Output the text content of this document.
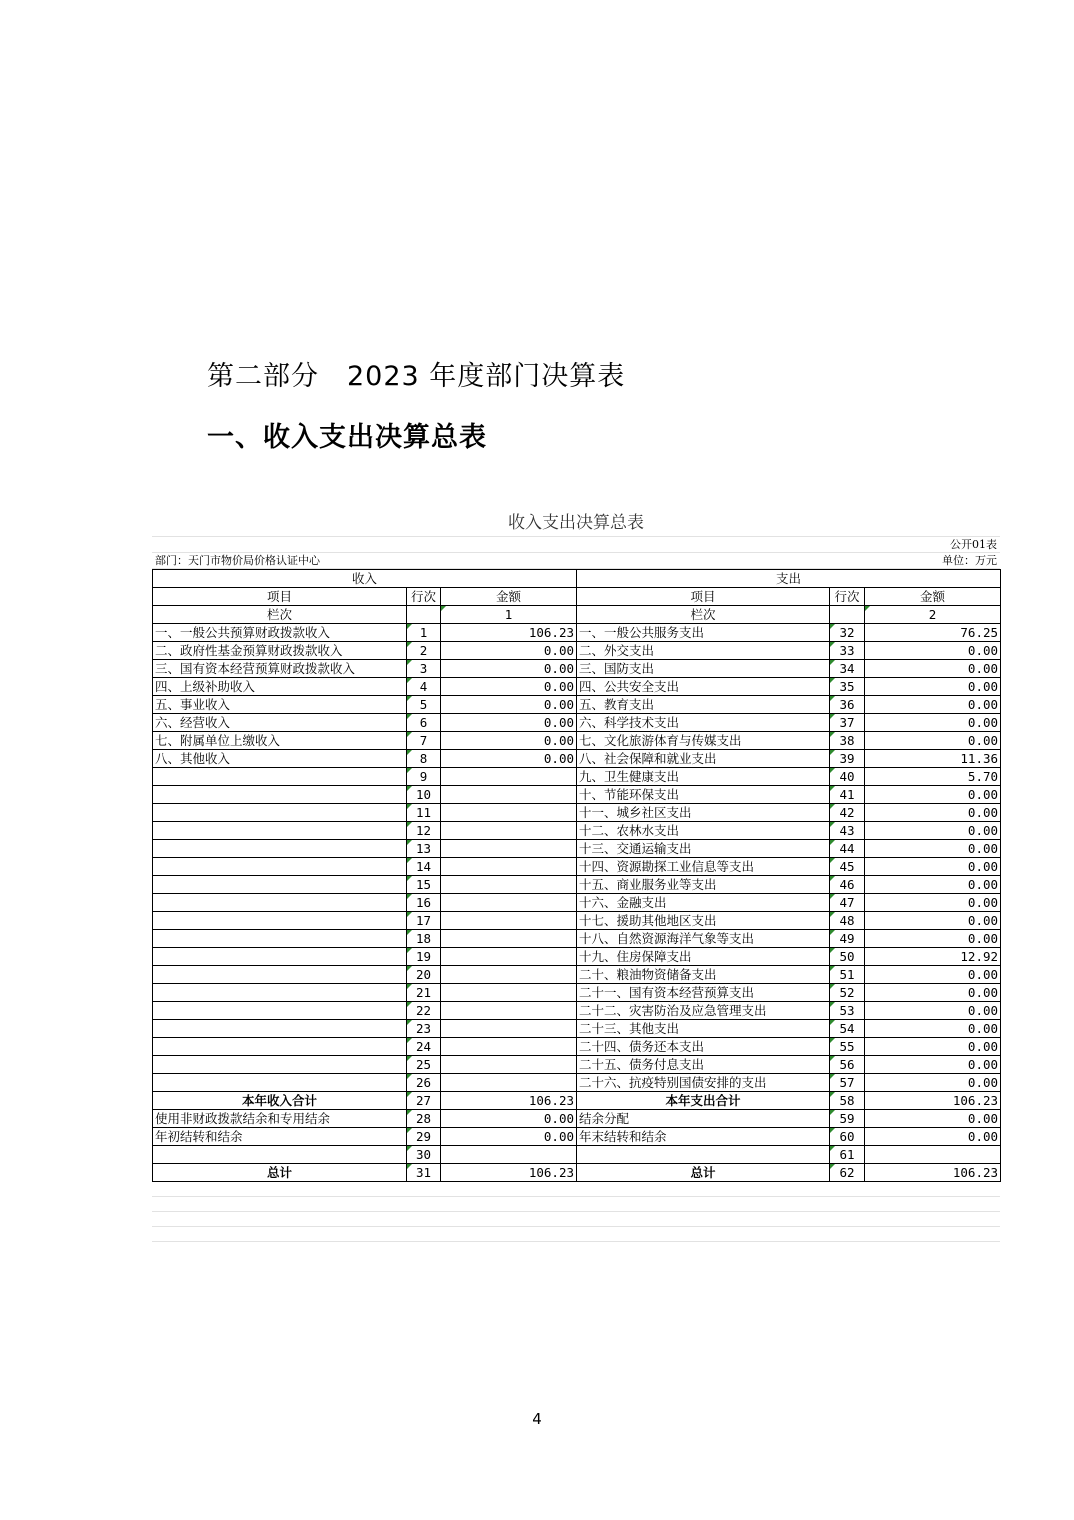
第二部分　2023 年度部门决算表
一、收入支出决算总表
收入支出决算总表
公开01表
部门：天门市物价局价格认证中心	单位：万元
收入			支出		
项目	行次	金额	项目	行次	金额
栏次		1	栏次		2
一、一般公共预算财政拨款收入	1	106.23	一、一般公共服务支出	32	76.25
二、政府性基金预算财政拨款收入	2	0.00	二、外交支出	33	0.00
三、国有资本经营预算财政拨款收入	3	0.00	三、国防支出	34	0.00
四、上级补助收入	4	0.00	四、公共安全支出	35	0.00
五、事业收入	5	0.00	五、教育支出	36	0.00
六、经营收入	6	0.00	六、科学技术支出	37	0.00
七、附属单位上缴收入	7	0.00	七、文化旅游体育与传媒支出	38	0.00
八、其他收入	8	0.00	八、社会保障和就业支出	39	11.36
	9		九、卫生健康支出	40	5.70
	10		十、节能环保支出	41	0.00
	11		十一、城乡社区支出	42	0.00
	12		十二、农林水支出	43	0.00
	13		十三、交通运输支出	44	0.00
	14		十四、资源勘探工业信息等支出	45	0.00
	15		十五、商业服务业等支出	46	0.00
	16		十六、金融支出	47	0.00
	17		十七、援助其他地区支出	48	0.00
	18		十八、自然资源海洋气象等支出	49	0.00
	19		十九、住房保障支出	50	12.92
	20		二十、粮油物资储备支出	51	0.00
	21		二十一、国有资本经营预算支出	52	0.00
	22		二十二、灾害防治及应急管理支出	53	0.00
	23		二十三、其他支出	54	0.00
	24		二十四、债务还本支出	55	0.00
	25		二十五、债务付息支出	56	0.00
	26		二十六、抗疫特别国债安排的支出	57	0.00
本年收入合计	27	106.23	本年支出合计	58	106.23
使用非财政拨款结余和专用结余	28	0.00	结余分配	59	0.00
年初结转和结余	29	0.00	年末结转和结余	60	0.00
	30			61	
总计	31	106.23	总计	62	106.23
4
